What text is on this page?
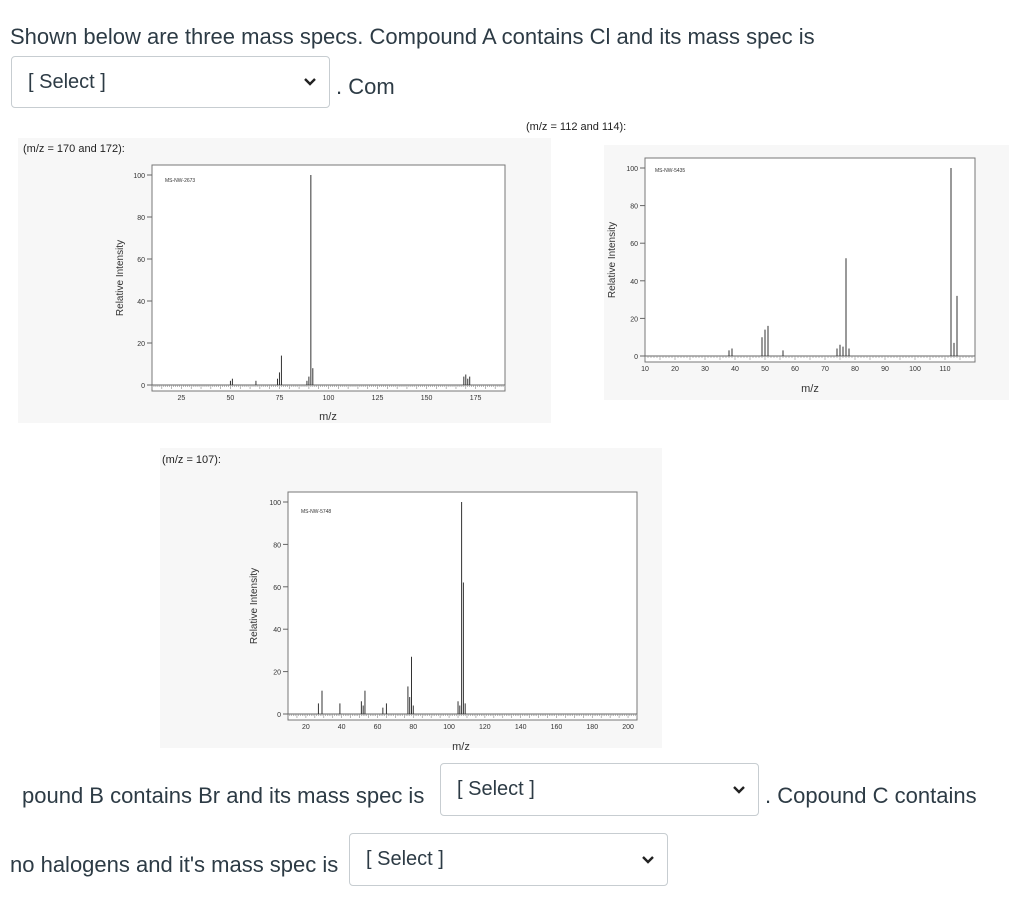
Shown below are three mass specs. Compound A contains Cl and its mass spec is
[ Select ]	. Com
(m/z = 170 and 172):
(m/z = 112 and 114):
(m/z = 107):
0
20
40
60
80
100
25	50	75	100	125	150	175
MS-NW-2673
m/z
Relative Intensity
0
20
40
60
80
100
10	20	30	40	50	60	70	80	90	100	110
MS-NW-5435
m/z
Relative Intensity
0
20
40
60
80
100
20	40	60	80	100	120	140	160	180	200
MS-NW-5748
m/z
Relative Intensity
pound B contains Br and its mass spec is [ Select ]	. Copound C contains
no halogens and it's mass spec is [ Select ]
